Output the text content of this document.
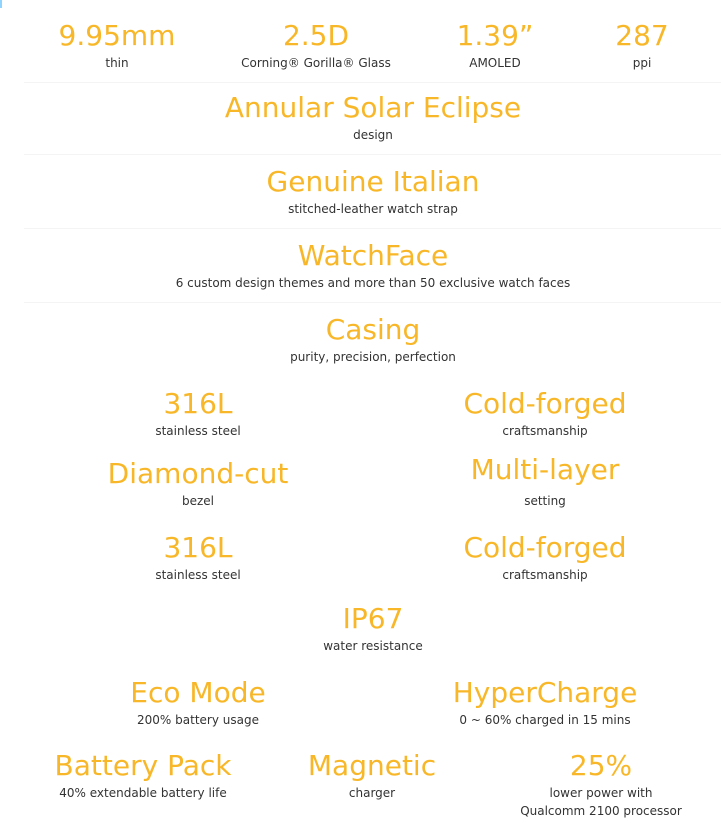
9.95mm
thin
2.5D
Corning® Gorilla® Glass
1.39”
AMOLED
287
ppi
Annular Solar Eclipse
design
Genuine Italian
stitched-leather watch strap
WatchFace
6 custom design themes and more than 50 exclusive watch faces
Casing
purity, precision, perfection
316L
stainless steel
Cold-forged
craftsmanship
Diamond-cut
bezel
Multi-layer
setting
316L
stainless steel
Cold-forged
craftsmanship
IP67
water resistance
Eco Mode
200% battery usage
HyperCharge
0 ~ 60% charged in 15 mins
Battery Pack
40% extendable battery life
Magnetic
charger
25%
lower power with
Qualcomm 2100 processor
